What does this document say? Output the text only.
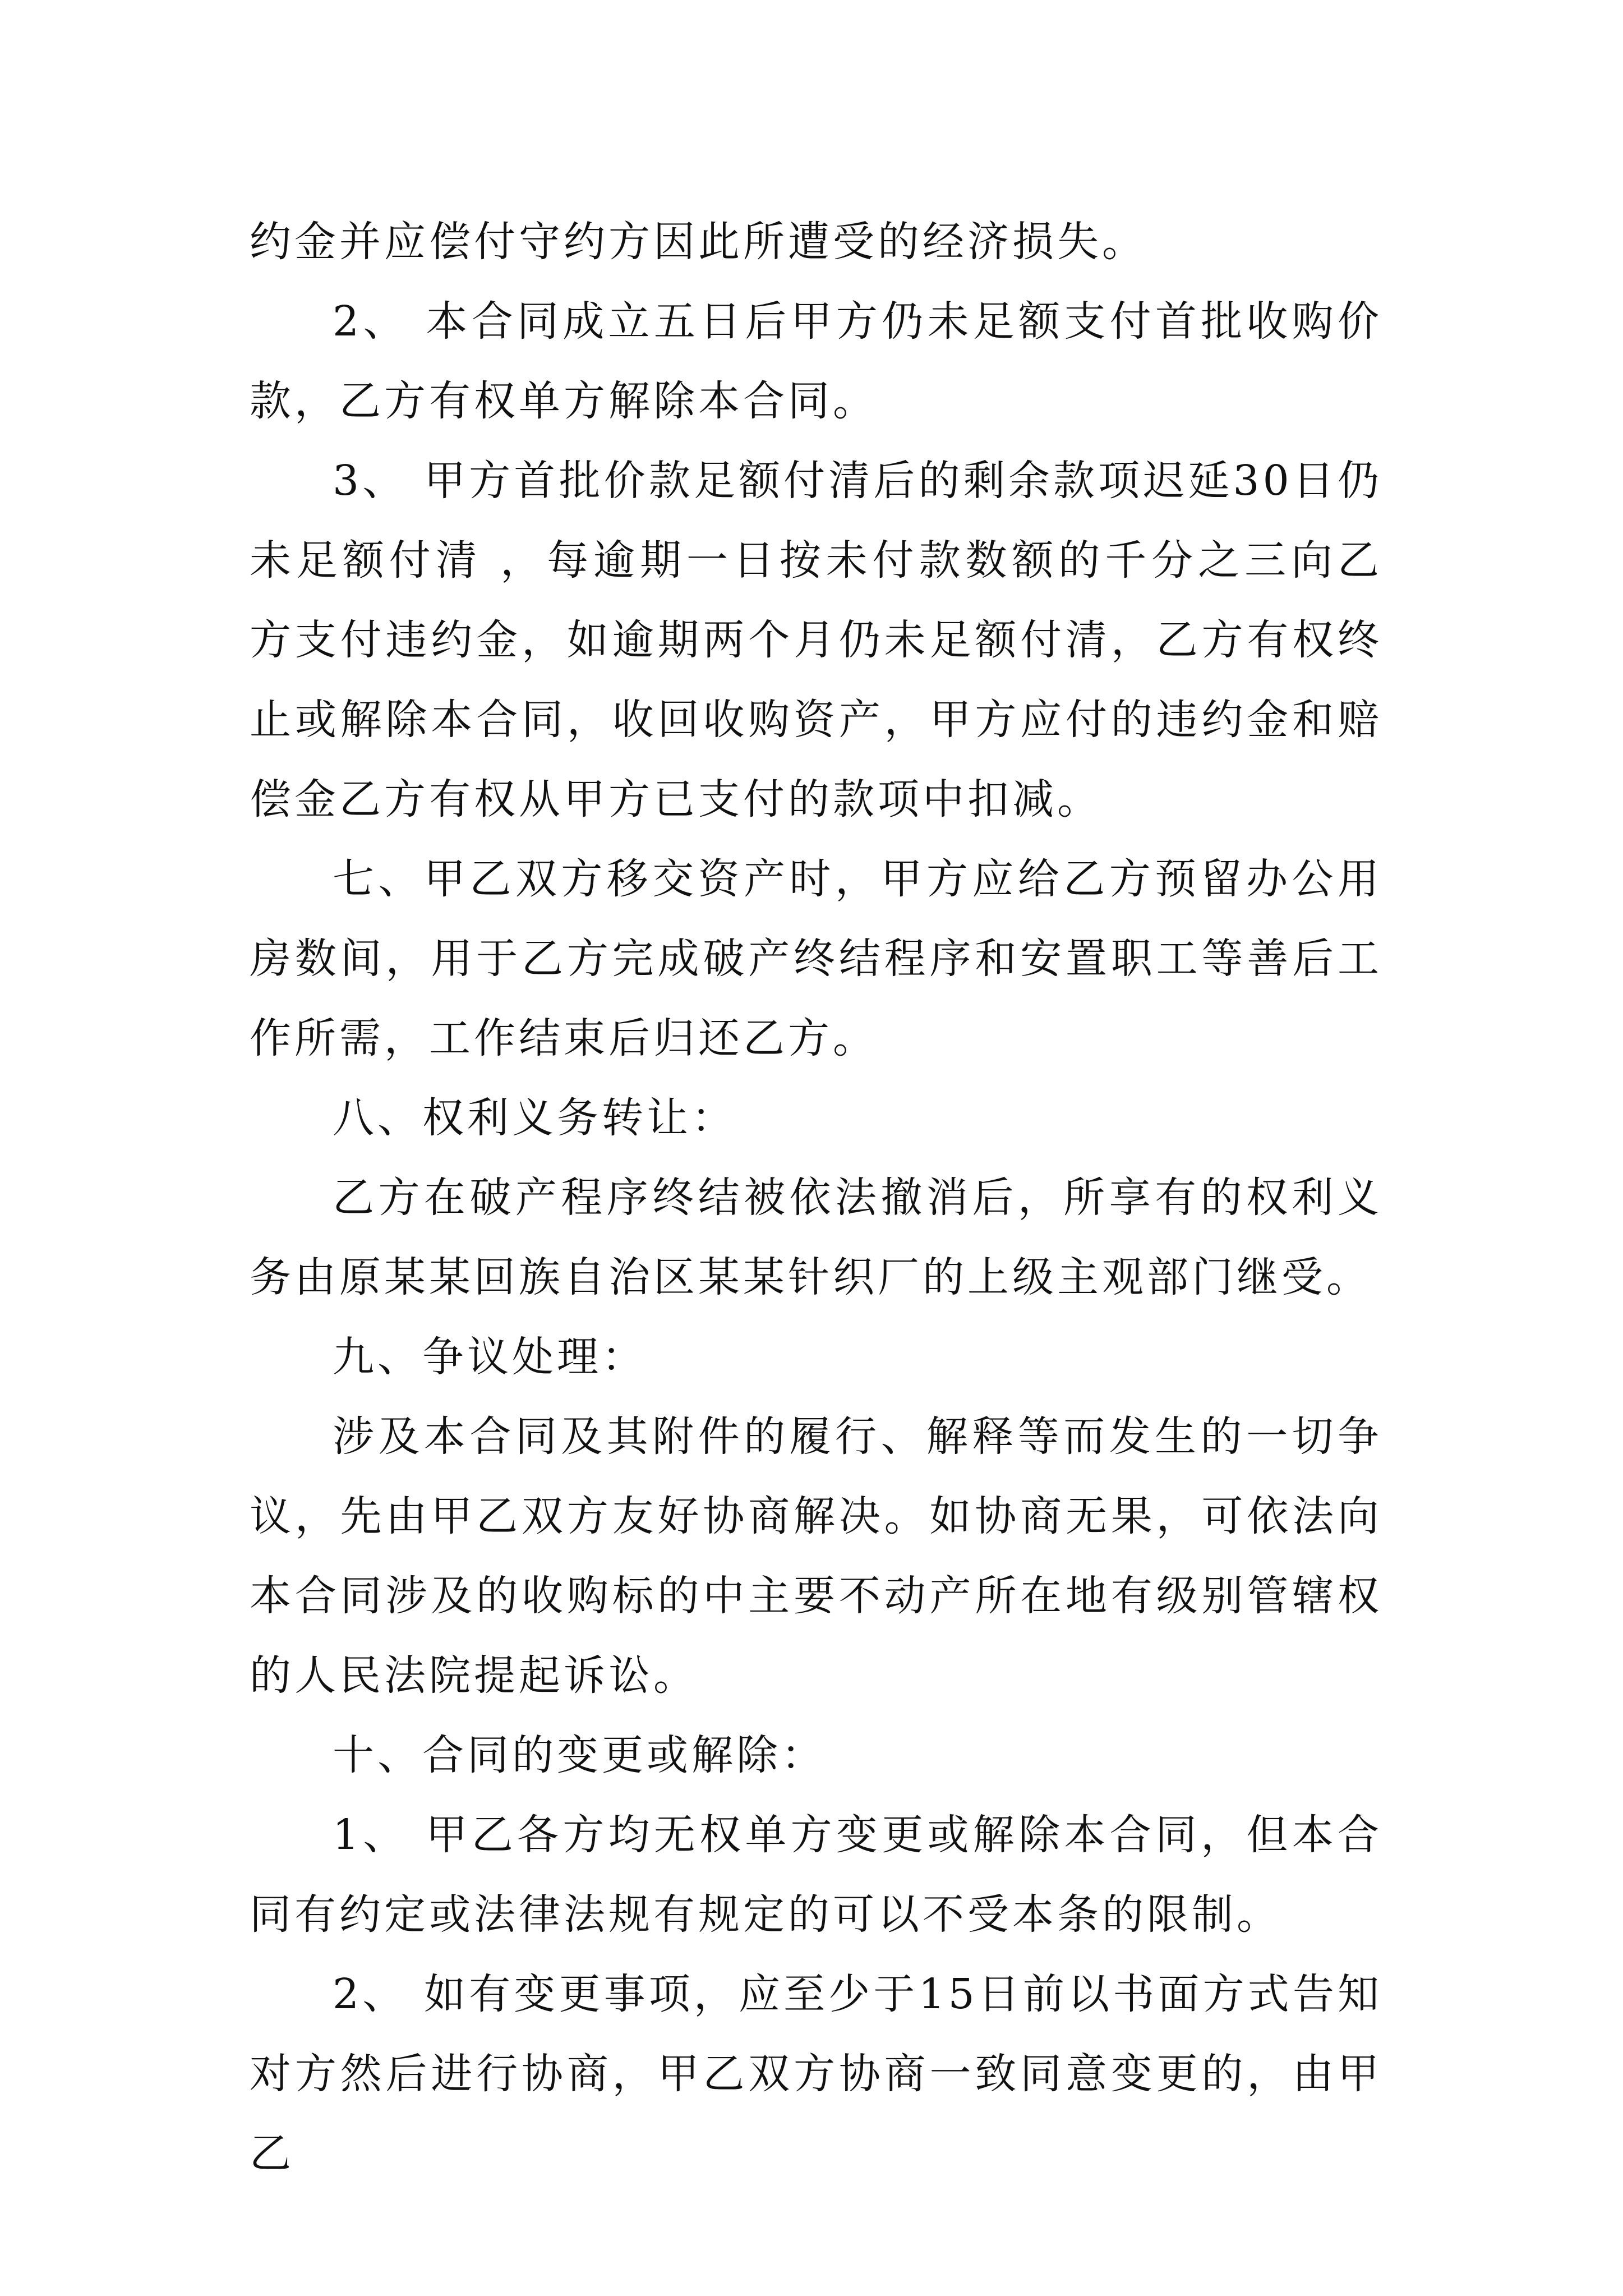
约金并应偿付守约方因此所遭受的经济损失。

2、 本合同成立五日后甲方仍未足额支付首批收购价款，乙方有权单方解除本合同。

3、 甲方首批价款足额付清后的剩余款项迟延30日仍未足额付清 ，每逾期一日按未付款数额的千分之三向乙方支付违约金，如逾期两个月仍未足额付清，乙方有权终止或解除本合同，收回收购资产，甲方应付的违约金和赔偿金乙方有权从甲方已支付的款项中扣减。

七、甲乙双方移交资产时，甲方应给乙方预留办公用房数间，用于乙方完成破产终结程序和安置职工等善后工作所需，工作结束后归还乙方。

八、权利义务转让：

乙方在破产程序终结被依法撤消后，所享有的权利义务由原某某回族自治区某某针织厂的上级主观部门继受。

九、争议处理：

涉及本合同及其附件的履行、解释等而发生的一切争议，先由甲乙双方友好协商解决。如协商无果，可依法向本合同涉及的收购标的中主要不动产所在地有级别管辖权的人民法院提起诉讼。

十、合同的变更或解除：

1、 甲乙各方均无权单方变更或解除本合同，但本合同有约定或法律法规有规定的可以不受本条的限制。

2、 如有变更事项，应至少于15日前以书面方式告知对方然后进行协商，甲乙双方协商一致同意变更的，由甲乙
